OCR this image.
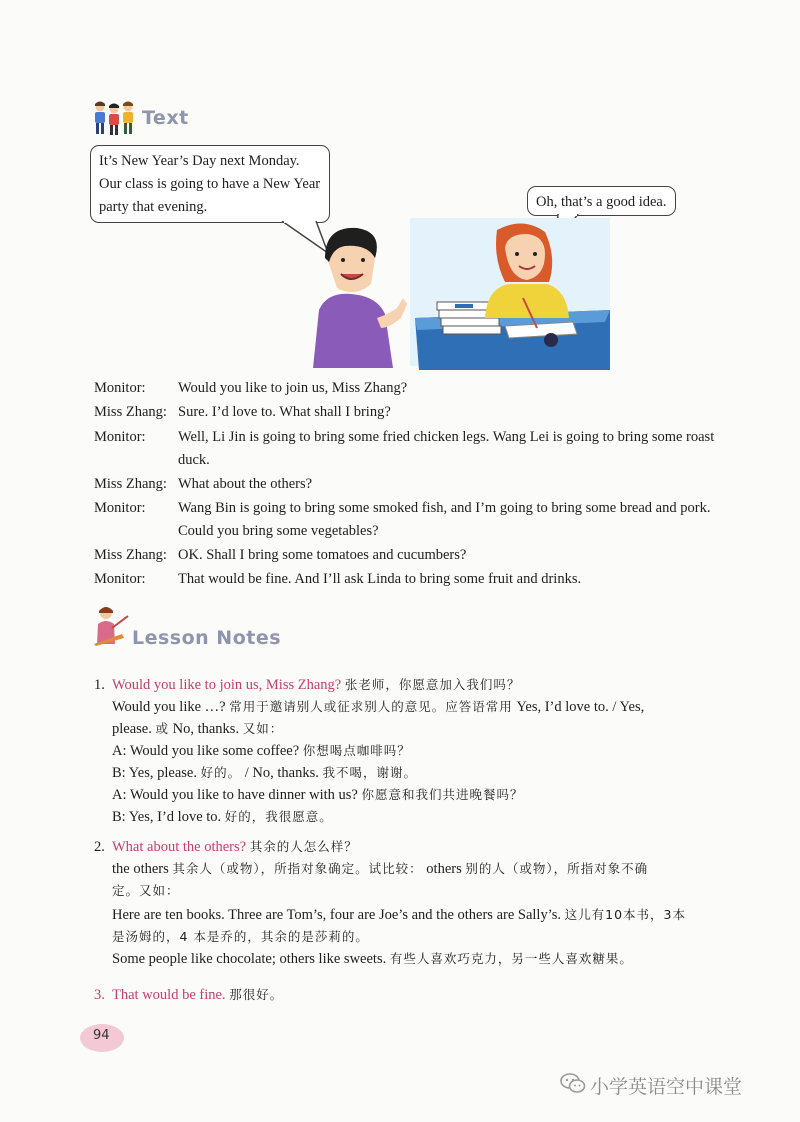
Text
It’s New Year’s Day next Monday.
Our class is going to have a New Year
party that evening.	Oh, that’s a good idea.
Monitor:	Would you like to join us, Miss Zhang?
Miss Zhang: Sure. I’d love to. What shall I bring?
Monitor:	Well, Li Jin is going to bring some fried chicken legs. Wang Lei is going to bring some roast
duck.
Miss Zhang: What about the others?
Monitor:	Wang Bin is going to bring some smoked fish, and I’m going to bring some bread and pork.
Could you bring some vegetables?
Miss Zhang: OK. Shall I bring some tomatoes and cucumbers?
Monitor:	That would be fine. And I’ll ask Linda to bring some fruit and drinks.
Lesson Notes
1. Would you like to join us, Miss Zhang? 张老师，你愿意加入我们吗？
Would you like …? 常用于邀请别人或征求别人的意见。应答语常用 Yes, I’d love to. / Yes,
please. 或 No, thanks. 又如：
A: Would you like some coffee? 你想喝点咖啡吗？
B: Yes, please. 好的。 / No, thanks. 我不喝，谢谢。
A: Would you like to have dinner with us? 你愿意和我们共进晚餐吗？
B: Yes, I’d love to. 好的，我很愿意。
2. What about the others? 其余的人怎么样？
the others 其余人（或物），所指对象确定。试比较： others 别的人（或物），所指对象不确
定。又如：
Here are ten books. Three are Tom’s, four are Joe’s and the others are Sally’s. 这儿有10本书，3本
是汤姆的，4 本是乔的，其余的是莎莉的。
Some people like chocolate; others like sweets. 有些人喜欢巧克力，另一些人喜欢糖果。
3. That would be fine. 那很好。
94
小学英语空中课堂
